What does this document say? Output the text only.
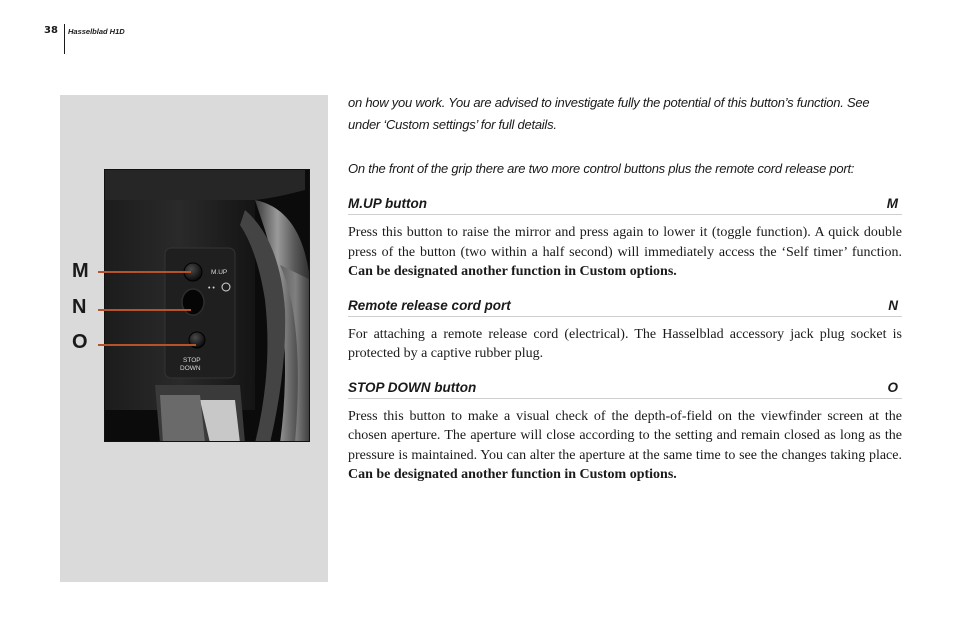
38 Hasselblad H1D
M.UP
• •
STOP
DOWN
M
N
O

on how you work. You are advised to investigate fully the potential of this button’s function. See under ‘Custom settings’ for full details.

On the front of the grip there are two more control buttons plus the remote cord release port:

M.UP button	M

Press this button to raise the mirror and press again to lower it (toggle function). A quick double press of the button (two within a half second) will immediately access the ‘Self timer’ function. Can be designated another function in Custom options.

Remote release cord port	N

For attaching a remote release cord (electrical). The Hasselblad accessory jack plug socket is protected by a captive rubber plug.

STOP DOWN button	O

Press this button to make a visual check of the depth-of-field on the viewfinder screen at the chosen aperture. The aperture will close according to the setting and remain closed as long as the pressure is maintained. You can alter the aperture at the same time to see the changes taking place. Can be designated another function in Custom options.
